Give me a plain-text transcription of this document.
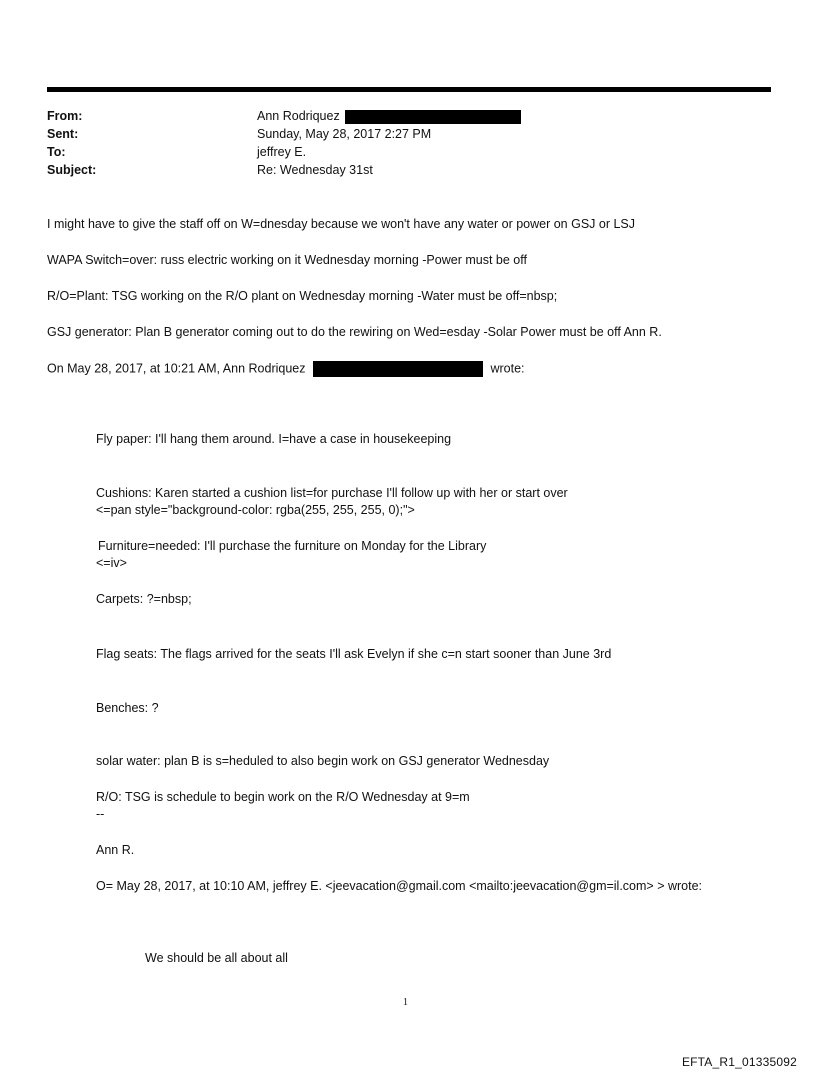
From:	Ann Rodriquez
Sent:	Sunday, May 28, 2017 2:27 PM
To:	jeffrey E.
Subject:	Re: Wednesday 31st
I might have to give the staff off on W=dnesday because we won't have any water or power on GSJ or LSJ
WAPA Switch=over: russ electric working on it Wednesday morning -Power must be off
R/O=Plant: TSG working on the R/O plant on Wednesday morning -Water must be off=nbsp;
GSJ generator: Plan B generator coming out to do the rewiring on Wed=esday -Solar Power must be off Ann R.
On May 28, 2017, at 10:21 AM, Ann Rodriquez	wrote:
Fly paper: I'll hang them around. I=have a case in housekeeping
Cushions: Karen started a cushion list=for purchase I'll follow up with her or start over
<=pan style="background-color: rgba(255, 255, 255, 0);">
Furniture=needed: I'll purchase the furniture on Monday for the Library
<=iv>
Carpets: ?=nbsp;
Flag seats: The flags arrived for the seats I'll ask Evelyn if she c=n start sooner than June 3rd
Benches: ?
solar water: plan B is s=heduled to also begin work on GSJ generator Wednesday
R/O: TSG is schedule to begin work on the R/O Wednesday at 9=m
--
Ann R.
O= May 28, 2017, at 10:10 AM, jeffrey E. <jeevacation@gmail.com <mailto:jeevacation@gm=il.com> > wrote:
We should be all about all
1
EFTA_R1_01335092
